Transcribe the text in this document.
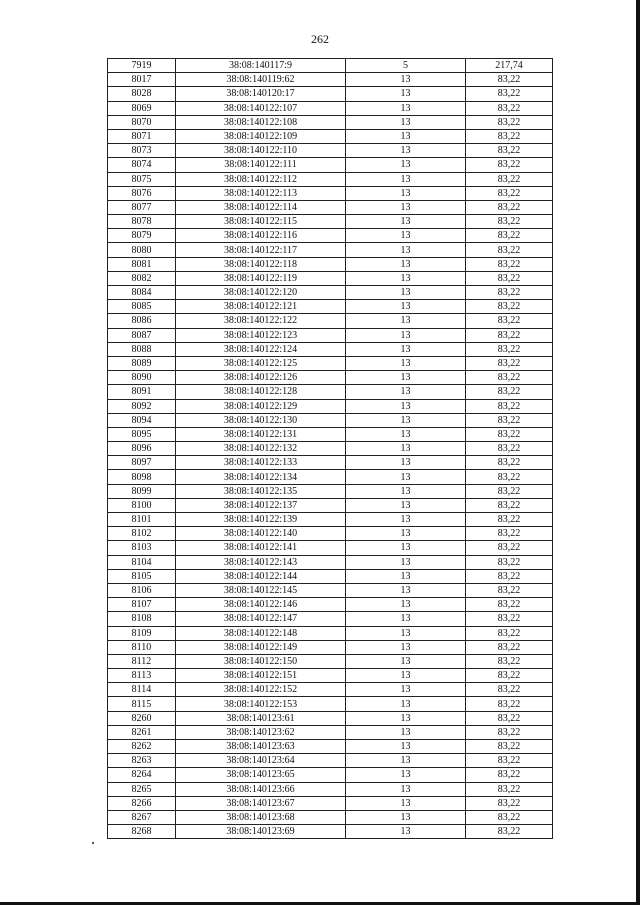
262
7919	38:08:140117:9	5	217,74
8017	38:08:140119:62	13	83,22
8028	38:08:140120:17	13	83,22
8069	38:08:140122:107	13	83,22
8070	38:08:140122:108	13	83,22
8071	38:08:140122:109	13	83,22
8073	38:08:140122:110	13	83,22
8074	38:08:140122:111	13	83,22
8075	38:08:140122:112	13	83,22
8076	38:08:140122:113	13	83,22
8077	38:08:140122:114	13	83,22
8078	38:08:140122:115	13	83,22
8079	38:08:140122:116	13	83,22
8080	38:08:140122:117	13	83,22
8081	38:08:140122:118	13	83,22
8082	38:08:140122:119	13	83,22
8084	38:08:140122:120	13	83,22
8085	38:08:140122:121	13	83,22
8086	38:08:140122:122	13	83,22
8087	38:08:140122:123	13	83,22
8088	38:08:140122:124	13	83,22
8089	38:08:140122:125	13	83,22
8090	38:08:140122:126	13	83,22
8091	38:08:140122:128	13	83,22
8092	38:08:140122:129	13	83,22
8094	38:08:140122:130	13	83,22
8095	38:08:140122:131	13	83,22
8096	38:08:140122:132	13	83,22
8097	38:08:140122:133	13	83,22
8098	38:08:140122:134	13	83,22
8099	38:08:140122:135	13	83,22
8100	38:08:140122:137	13	83,22
8101	38:08:140122:139	13	83,22
8102	38:08:140122:140	13	83,22
8103	38:08:140122:141	13	83,22
8104	38:08:140122:143	13	83,22
8105	38:08:140122:144	13	83,22
8106	38:08:140122:145	13	83,22
8107	38:08:140122:146	13	83,22
8108	38:08:140122:147	13	83,22
8109	38:08:140122:148	13	83,22
8110	38:08:140122:149	13	83,22
8112	38:08:140122:150	13	83,22
8113	38:08:140122:151	13	83,22
8114	38:08:140122:152	13	83,22
8115	38:08:140122:153	13	83,22
8260	38:08:140123:61	13	83,22
8261	38:08:140123:62	13	83,22
8262	38:08:140123:63	13	83,22
8263	38:08:140123:64	13	83,22
8264	38:08:140123:65	13	83,22
8265	38:08:140123:66	13	83,22
8266	38:08:140123:67	13	83,22
8267	38:08:140123:68	13	83,22
8268	38:08:140123:69	13	83,22
